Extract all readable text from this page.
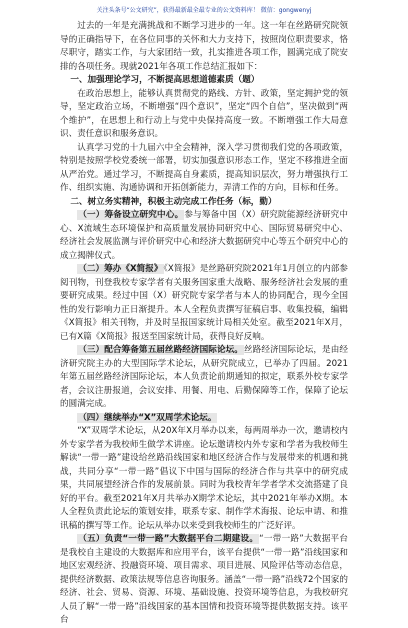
关注头条号“公文研究”，获得最新最全最专业的公文资料库！ 微信：gongwenyj

过去的一年是充满挑战和不断学习进步的一年。这一年在丝路研究院领导的正确指导下，在各位同事的关怀和大力支持下，按照岗位职责要求，恪尽职守，踏实工作，与大家团结一致，扎实推进各项工作，圆满完成了院安排的各项任务。现就2021年各项工作总结汇报如下：

一、加强理论学习，不断提高思想道德素质（题）

在政治思想上，能够认真贯彻党的路线、方针、政策，坚定拥护党的领导，坚定政治立场，不断增强“四个意识”，坚定“四个自信”，坚决做到“两个维护”，在思想上和行动上与党中央保持高度一致。不断增强工作大局意识、责任意识和服务意识。

认真学习党的十九届六中全会精神，深入学习贯彻我们党的各项政策，特别是按照学校党委统一部署，切实加强意识形态工作，坚定不移推进全面从严治党。通过学习，不断提高自身素质，提高知识层次，努力增强执行工作、组织实施、沟通协调和开拓创新能力，弄清工作的方向，目标和任务。

二、树立务实精神，积极主动完成工作任务（标，勤）

（一）筹备设立研究中心。参与筹备中国（X）研究院能源经济研究中心、X流域生态环境保护和高质量发展协同研究中心、国际贸易研究中心、经济社会发展监测与评价研究中心和经济大数据研究中心等五个研究中心的成立揭牌仪式。

（二）筹办《X简报》《X简报》是丝路研究院2021年1月创立的内部参阅刊物，刊登我校专家学者有关服务国家重大战略、服务经济社会发展的重要研究成果。经过中国（X）研究院专家学者与本人的协同配合，现今全国性的发行影响力正日渐提升。本人全程负责撰写征稿启事、收集投稿，编辑《X简报》相关刊物，并及时呈报国家统计局相关处室。截至2021年X月，已有X篇《X简报》报送至国家统计局，获得良好反响。

（三）配合筹备第五届丝路经济国际论坛。丝路经济国际论坛，是由经济研究院主办的大型国际学术论坛，从研究院成立，已举办了四届。2021年第五届丝路经济国际论坛，本人负责论前期通知的拟定，联系外校专家学者，会议注册报道，会议安排、用餐、用电、后勤保障等工作，保障了论坛的圆满完成。

（四）继续举办“X”双周学术论坛。

“X”双周学术论坛，从20X年X月举办以来，每两周举办一次，邀请校内外专家学者为我校师生做学术讲座。论坛邀请校内外专家和学者为我校师生解读“一带一路”建设给丝路沿线国家和地区经济合作与发展带来的机遇和挑战，共同分享“一带一路”倡议下中国与国际的经济合作与共享中的研究成果，共同展望经济合作的发展前景。同时为我校青年学者学术交流搭建了良好的平台。截至2021年X月共举办X期学术论坛，其中2021年举办X期。本人全程负责此论坛的策划安排，联系专家、制作学术海报、论坛申请、和推讯稿的撰写等工作。论坛从举办以来受到我校师生的广泛好评。

（五）负责“一带一路”大数据平台二期建设。“一带一路”大数据平台是我校自主建设的大数据库和应用平台，该平台提供“一带一路”沿线国家和地区宏观经济、投融资环境、项目需求、项目进展、风险评估等动态信息，提供经济数据、政策法规等信息咨询服务。涵盖“一带一路”沿线72个国家的经济、社会、贸易、资源、环境、基础设施、投资环境等信息，为我校研究人员了解“一带一路”沿线国家的基本国情和投资环境等提供数据支持。该平台
